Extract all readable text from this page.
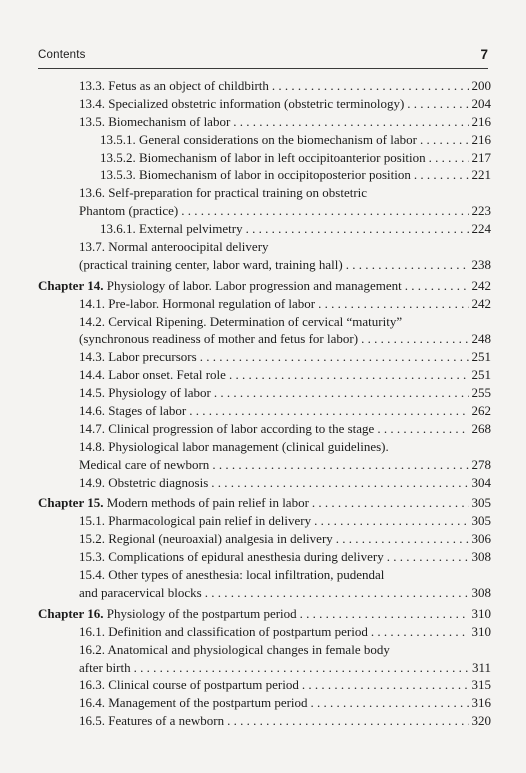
Contents	7
13.3. Fetus as an object of childbirth . . .	200
13.4. Specialized obstetric information (obstetric terminology) . . .	204
13.5. Biomechanism of labor . . .	216
13.5.1. General considerations on the biomechanism of labor . . .	216
13.5.2. Biomechanism of labor in left occipitoanterior position . . .	217
13.5.3. Biomechanism of labor in occipitoposterior position . . .	221
13.6. Self-preparation for practical training on obstetric
Phantom (practice) . . .	223
13.6.1. External pelvimetry . . .	224
13.7. Normal anteroocipital delivery
(practical training center, labor ward, training hall) . . .	238
Chapter 14. Physiology of labor. Labor progression and management . . .	242
14.1. Pre-labor. Hormonal regulation of labor . . .	242
14.2. Cervical Ripening. Determination of cervical “maturity”
(synchronous readiness of mother and fetus for labor) . . .	248
14.3. Labor precursors . . .	251
14.4. Labor onset. Fetal role . . .	251
14.5. Physiology of labor . . .	255
14.6. Stages of labor . . .	262
14.7. Clinical progression of labor according to the stage . . .	268
14.8. Physiological labor management (clinical guidelines).
Medical care of newborn . . .	278
14.9. Obstetric diagnosis . . .	304
Chapter 15. Modern methods of pain relief in labor . . .	305
15.1. Pharmacological pain relief in delivery . . .	305
15.2. Regional (neuroaxial) analgesia in delivery . . .	306
15.3. Complications of epidural anesthesia during delivery . . .	308
15.4. Other types of anesthesia: local infiltration, pudendal
and paracervical blocks . . .	308
Chapter 16. Physiology of the postpartum period . . .	310
16.1. Definition and classification of postpartum period . . .	310
16.2. Anatomical and physiological changes in female body
after birth . . .	311
16.3. Clinical course of postpartum period . . .	315
16.4. Management of the postpartum period . . .	316
16.5. Features of a newborn . . .	320
